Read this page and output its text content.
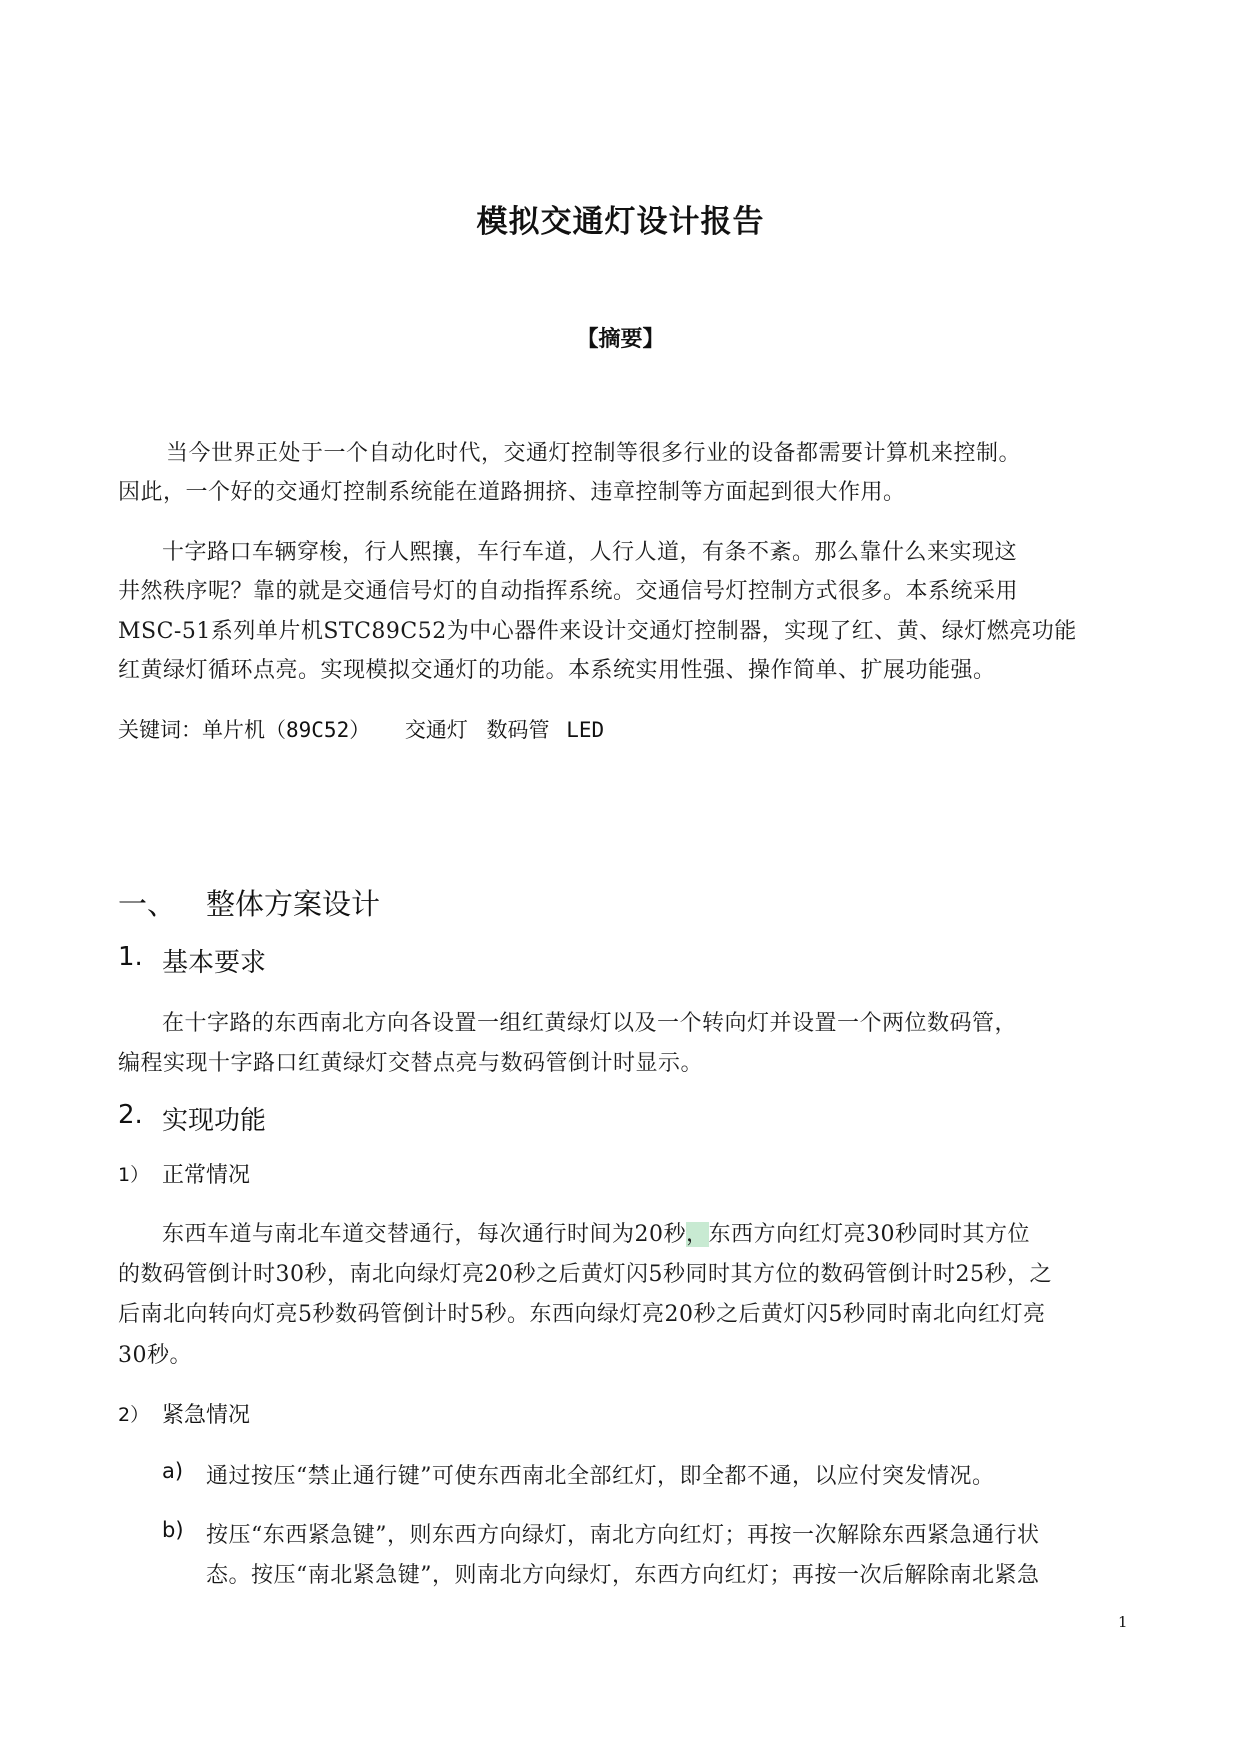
模拟交通灯设计报告
【摘要】
当今世界正处于一个自动化时代，交通灯控制等很多行业的设备都需要计算机来控制。
因此，一个好的交通灯控制系统能在道路拥挤、违章控制等方面起到很大作用。
十字路口车辆穿梭，行人熙攘，车行车道，人行人道，有条不紊。那么靠什么来实现这
井然秩序呢？靠的就是交通信号灯的自动指挥系统。交通信号灯控制方式很多。本系统采用
MSC-51系列单片机STC89C52为中心器件来设计交通灯控制器，实现了红、黄、绿灯燃亮功能
红黄绿灯循环点亮。实现模拟交通灯的功能。本系统实用性强、操作简单、扩展功能强。
关键词：单片机（89C52） 交通灯 数码管 LED
一、 整体方案设计
1. 基本要求
在十字路的东西南北方向各设置一组红黄绿灯以及一个转向灯并设置一个两位数码管，
编程实现十字路口红黄绿灯交替点亮与数码管倒计时显示。
2. 实现功能
1） 正常情况
东西车道与南北车道交替通行，每次通行时间为20秒，东西方向红灯亮30秒同时其方位
的数码管倒计时30秒，南北向绿灯亮20秒之后黄灯闪5秒同时其方位的数码管倒计时25秒，之
后南北向转向灯亮5秒数码管倒计时5秒。东西向绿灯亮20秒之后黄灯闪5秒同时南北向红灯亮
30秒。
2） 紧急情况
a) 通过按压“禁止通行键”可使东西南北全部红灯，即全都不通，以应付突发情况。
b) 按压“东西紧急键”，则东西方向绿灯，南北方向红灯；再按一次解除东西紧急通行状
态。按压“南北紧急键”，则南北方向绿灯，东西方向红灯；再按一次后解除南北紧急
1
